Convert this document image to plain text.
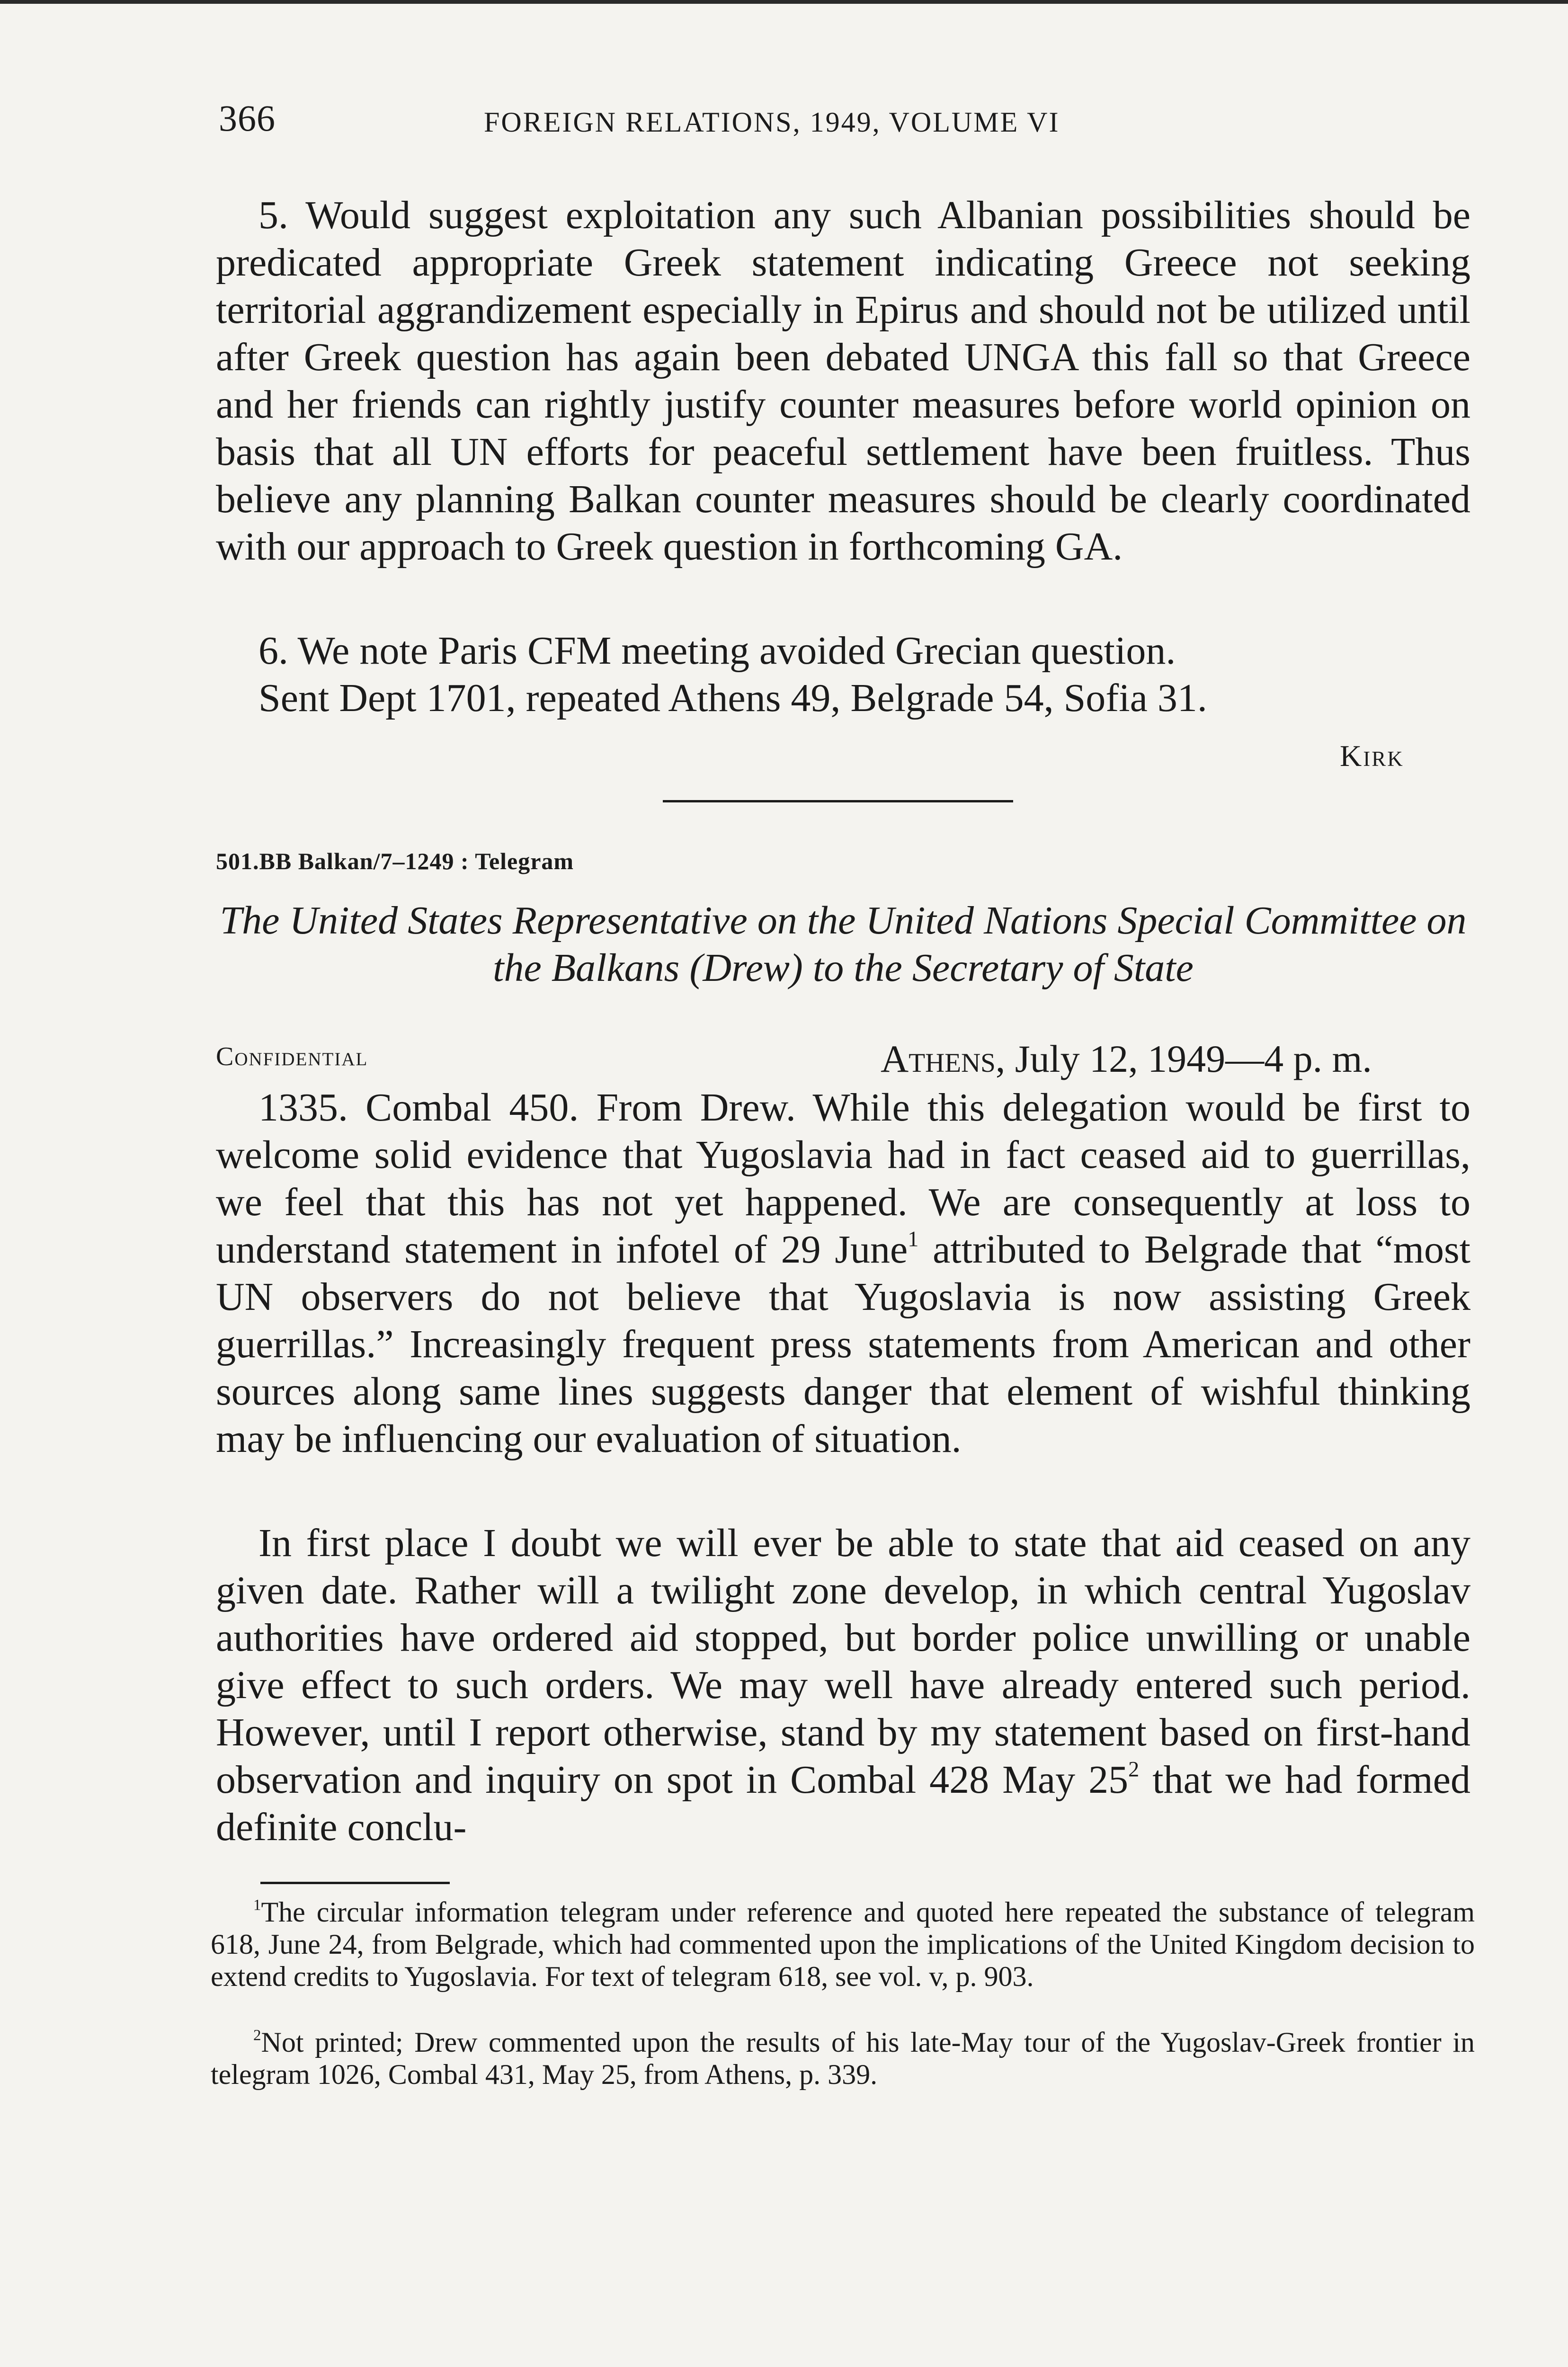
366	FOREIGN RELATIONS, 1949, VOLUME VI

5. Would suggest exploitation any such Albanian possibilities should be predicated appropriate Greek statement indicating Greece not seeking territorial aggrandizement especially in Epirus and should not be utilized until after Greek question has again been debated UNGA this fall so that Greece and her friends can rightly justify counter measures before world opinion on basis that all UN efforts for peaceful settlement have been fruitless. Thus believe any planning Balkan counter measures should be clearly coordinated with our approach to Greek question in forthcoming GA.

6. We note Paris CFM meeting avoided Grecian question.

Sent Dept 1701, repeated Athens 49, Belgrade 54, Sofia 31.

Kirk
501.BB Balkan/7–1249 : Telegram

The United States Representative on the United Nations Special Committee on the Balkans (Drew) to the Secretary of State

Confidential	Athens, July 12, 1949—4 p. m.

1335. Combal 450. From Drew. While this delegation would be first to welcome solid evidence that Yugoslavia had in fact ceased aid to guerrillas, we feel that this has not yet happened. We are consequently at loss to understand statement in infotel of 29 June$^1$ attributed to Belgrade that “most UN observers do not believe that Yugoslavia is now assisting Greek guerrillas.” Increasingly frequent press statements from American and other sources along same lines suggests danger that element of wishful thinking may be influencing our evaluation of situation.

In first place I doubt we will ever be able to state that aid ceased on any given date. Rather will a twilight zone develop, in which central Yugoslav authorities have ordered aid stopped, but border police unwilling or unable give effect to such orders. We may well have already entered such period. However, until I report otherwise, stand by my statement based on first-hand observation and inquiry on spot in Combal 428 May $25^2$ that we had formed definite conclu-

$^1$The circular information telegram under reference and quoted here repeated the substance of telegram 618, June 24, from Belgrade, which had commented upon the implications of the United Kingdom decision to extend credits to Yugoslavia. For text of telegram 618, see vol. v, p. 903.

$^2$Not printed; Drew commented upon the results of his late-May tour of the Yugoslav-Greek frontier in telegram 1026, Combal 431, May 25, from Athens, p. 339.
